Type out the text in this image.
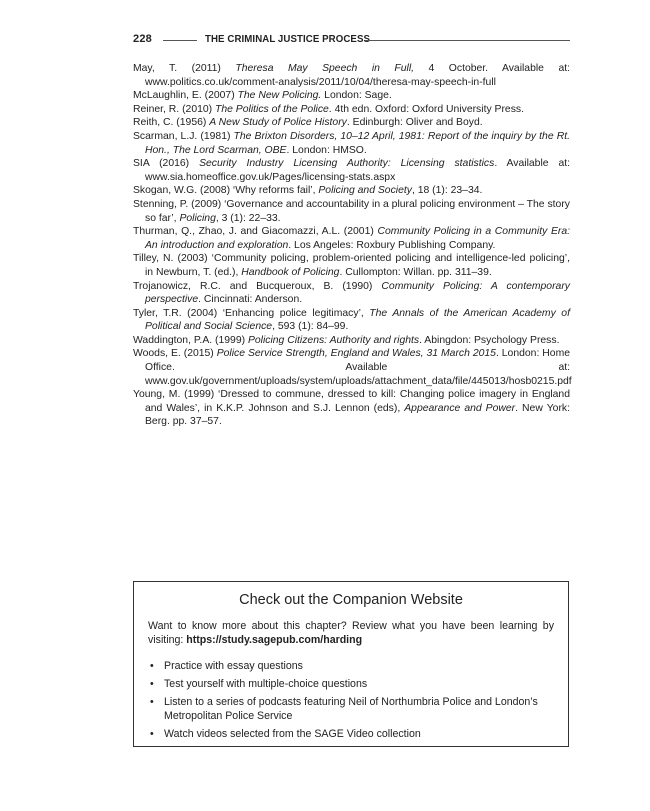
228	THE CRIMINAL JUSTICE PROCESS

May, T. (2011) Theresa May Speech in Full, 4 October. Available at: www.politics.co.uk/comment-analysis/2011/10/04/theresa-may-speech-in-full

McLaughlin, E. (2007) The New Policing. London: Sage.

Reiner, R. (2010) The Politics of the Police. 4th edn. Oxford: Oxford University Press.

Reith, C. (1956) A New Study of Police History. Edinburgh: Oliver and Boyd.

Scarman, L.J. (1981) The Brixton Disorders, 10–12 April, 1981: Report of the inquiry by the Rt. Hon., The Lord Scarman, OBE. London: HMSO.

SIA (2016) Security Industry Licensing Authority: Licensing statistics. Available at: www.sia.homeoffice.gov.uk/Pages/licensing-stats.aspx

Skogan, W.G. (2008) ‘Why reforms fail’, Policing and Society, 18 (1): 23–34.

Stenning, P. (2009) ‘Governance and accountability in a plural policing environment – The story so far’, Policing, 3 (1): 22–33.

Thurman, Q., Zhao, J. and Giacomazzi, A.L. (2001) Community Policing in a Community Era: An introduction and exploration. Los Angeles: Roxbury Publishing Company.

Tilley, N. (2003) ‘Community policing, problem-oriented policing and intelligence-led policing’, in Newburn, T. (ed.), Handbook of Policing. Cullompton: Willan. pp. 311–39.

Trojanowicz, R.C. and Bucqueroux, B. (1990) Community Policing: A contemporary perspective. Cincinnati: Anderson.

Tyler, T.R. (2004) ‘Enhancing police legitimacy’, The Annals of the American Academy of Political and Social Science, 593 (1): 84–99.

Waddington, P.A. (1999) Policing Citizens: Authority and rights. Abingdon: Psychology Press.

Woods, E. (2015) Police Service Strength, England and Wales, 31 March 2015. London: Home Office. Available at: www.gov.uk/government/uploads/system/uploads/attachment_data/file/445013/hosb0215.pdf

Young, M. (1999) ‘Dressed to commune, dressed to kill: Changing police imagery in England and Wales’, in K.K.P. Johnson and S.J. Lennon (eds), Appearance and Power. New York: Berg. pp. 37–57.

Check out the Companion Website
Want to know more about this chapter? Review what you have been learning by visiting: https://study.sagepub.com/harding
• Practice with essay questions
• Test yourself with multiple-choice questions
• Listen to a series of podcasts featuring Neil of Northumbria Police and London’s Metropolitan Police Service
• Watch videos selected from the SAGE Video collection
